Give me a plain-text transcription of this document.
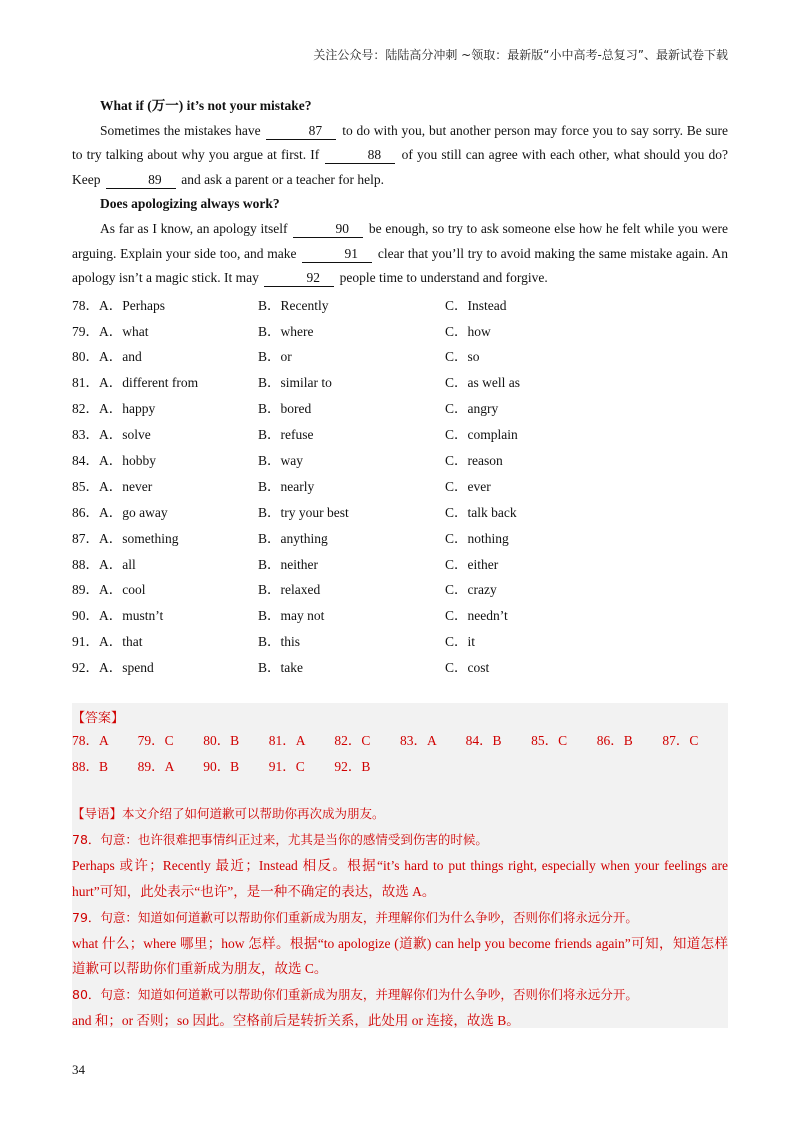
关注公众号：陆陆高分冲刺 ~领取：最新版“小中高考-总复习”、最新试卷下载
What if (万一) it’s not your mistake?

Sometimes the mistakes have	87 to do with you, but another person may force you to say sorry. Be sure to try talking about why you argue at first. If	88 of you still can agree with each other, what should you do? Keep	89 and ask a parent or a teacher for help.

Does apologizing always work?

As far as I know, an apology itself	90 be enough, so try to ask someone else how he felt while you were arguing. Explain your side too, and make	91 clear that you’ll try to avoid making the same mistake again. An apology isn’t a magic stick. It may	92 people time to understand and forgive.

78．A．Perhaps	B．Recently	C．Instead
79．A．what	B．where	C．how
80．A．and	B．or	C．so
81．A．different from	B．similar to	C．as well as
82．A．happy	B．bored	C．angry
83．A．solve	B．refuse	C．complain
84．A．hobby	B．way	C．reason
85．A．never	B．nearly	C．ever
86．A．go away	B．try your best	C．talk back
87．A．something	B．anything	C．nothing
88．A．all	B．neither	C．either
89．A．cool	B．relaxed	C．crazy
90．A．mustn’t	B．may not	C．needn’t
91．A．that	B．this	C．it
92．A．spend	B．take	C．cost
【答案】
78．A	79．C	80．B	81．A	82．C	83．A	84．B	85．C	86．B	87．C
88．B	89．A	90．B	91．C	92．B

【导语】本文介绍了如何道歉可以帮助你再次成为朋友。

78．句意：也许很难把事情纠正过来，尤其是当你的感情受到伤害的时候。

Perhaps 或许；Recently 最近；Instead 相反。根据“it’s hard to put things right, especially when your feelings are hurt”可知，此处表示“也许”，是一种不确定的表达，故选 A。

79．句意：知道如何道歉可以帮助你们重新成为朋友，并理解你们为什么争吵，否则你们将永远分开。

what 什么；where 哪里；how 怎样。根据“to apologize (道歉) can help you become friends again”可知，知道怎样道歉可以帮助你们重新成为朋友，故选 C。

80．句意：知道如何道歉可以帮助你们重新成为朋友，并理解你们为什么争吵，否则你们将永远分开。

and 和；or 否则；so 因此。空格前后是转折关系，此处用 or 连接，故选 B。

34
